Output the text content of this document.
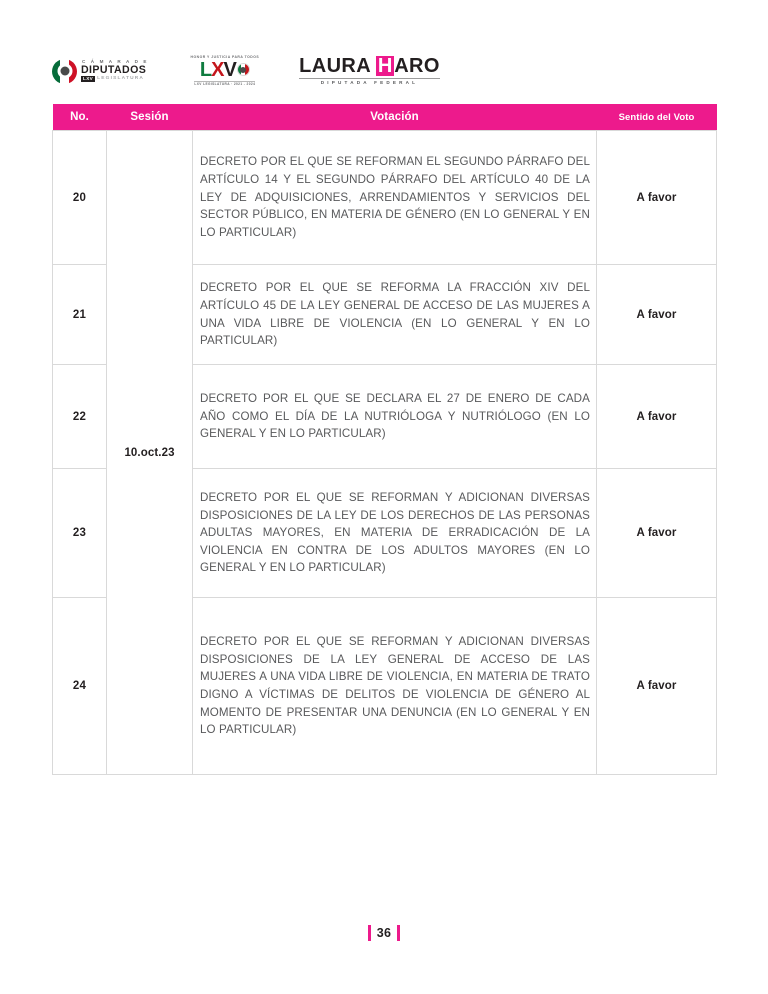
C Á M A R A D E
DIPUTADOS
LXV LEGISLATURA
HONOR Y JUSTICIA PARA TODOS
L X V
LXV LEGISLATURA · 2021 - 2024
LAURA HARO
DIPUTADA FEDERAL
No.	Sesión	Votación	Sentido del Voto
20	10.oct.23	DECRETO POR EL QUE SE REFORMAN EL SEGUNDO PÁRRAFO DEL ARTÍCULO 14 Y EL SEGUNDO PÁRRAFO DEL ARTÍCULO 40 DE LA LEY DE ADQUISICIONES, ARRENDAMIENTOS Y SERVICIOS DEL SECTOR PÚBLICO, EN MATERIA DE GÉNERO (EN LO GENERAL Y EN LO PARTICULAR)	A favor
21		DECRETO POR EL QUE SE REFORMA LA FRACCIÓN XIV DEL ARTÍCULO 45 DE LA LEY GENERAL DE ACCESO DE LAS MUJERES A UNA VIDA LIBRE DE VIOLENCIA (EN LO GENERAL Y EN LO PARTICULAR)	A favor
22		DECRETO POR EL QUE SE DECLARA EL 27 DE ENERO DE CADA AÑO COMO EL DÍA DE LA NUTRIÓLOGA Y NUTRIÓLOGO (EN LO GENERAL Y EN LO PARTICULAR)	A favor
23		DECRETO POR EL QUE SE REFORMAN Y ADICIONAN DIVERSAS DISPOSICIONES DE LA LEY DE LOS DERECHOS DE LAS PERSONAS ADULTAS MAYORES, EN MATERIA DE ERRADICACIÓN DE LA VIOLENCIA EN CONTRA DE LOS ADULTOS MAYORES (EN LO GENERAL Y EN LO PARTICULAR)	A favor
24		DECRETO POR EL QUE SE REFORMAN Y ADICIONAN DIVERSAS DISPOSICIONES DE LA LEY GENERAL DE ACCESO DE LAS MUJERES A UNA VIDA LIBRE DE VIOLENCIA, EN MATERIA DE TRATO DIGNO A VÍCTIMAS DE DELITOS DE VIOLENCIA DE GÉNERO AL MOMENTO DE PRESENTAR UNA DENUNCIA (EN LO GENERAL Y EN LO PARTICULAR)	A favor
36
